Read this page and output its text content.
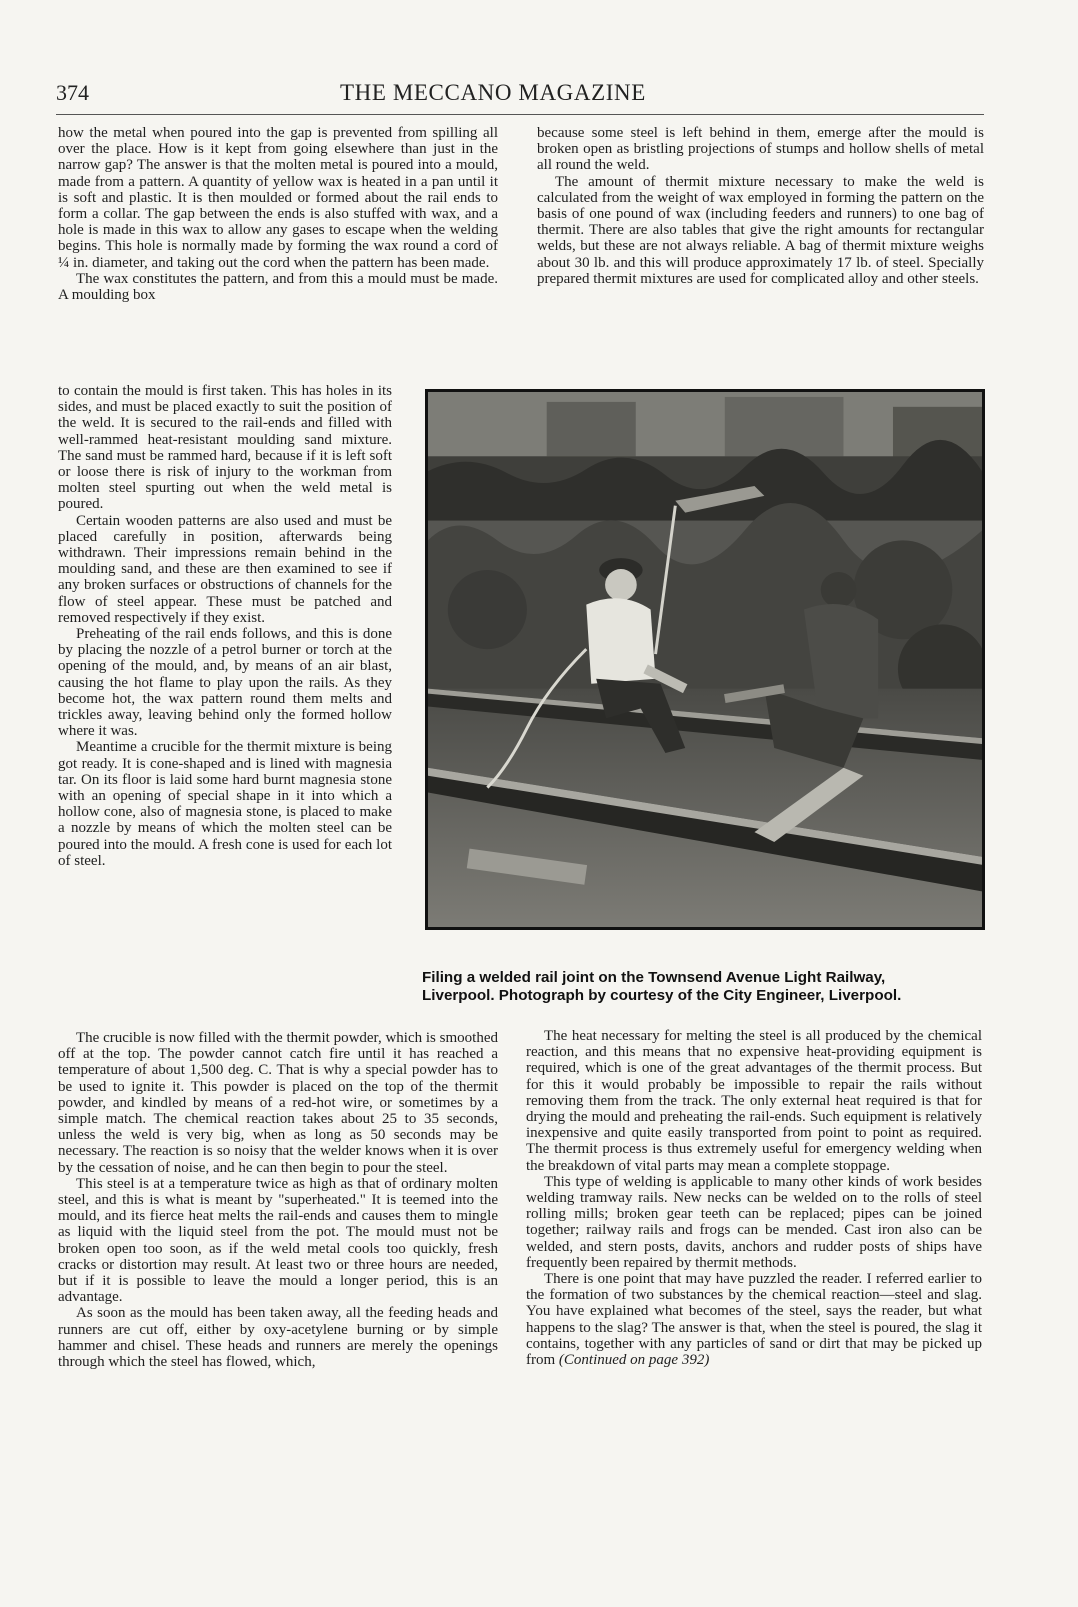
374	THE MECCANO MAGAZINE

how the metal when poured into the gap is prevented from spilling all over the place. How is it kept from going elsewhere than just in the narrow gap? The answer is that the molten metal is poured into a mould, made from a pattern. A quantity of yellow wax is heated in a pan until it is soft and plastic. It is then moulded or formed about the rail ends to form a collar. The gap between the ends is also stuffed with wax, and a hole is made in this wax to allow any gases to escape when the welding begins. This hole is normally made by forming the wax round a cord of ¼ in. diameter, and taking out the cord when the pattern has been made.

The wax constitutes the pattern, and from this a mould must be made. A moulding box

to contain the mould is first taken. This has holes in its sides, and must be placed exactly to suit the position of the weld. It is secured to the rail-ends and filled with well-rammed heat-resistant moulding sand mixture. The sand must be rammed hard, because if it is left soft or loose there is risk of injury to the workman from molten steel spurting out when the weld metal is poured.

Certain wooden patterns are also used and must be placed carefully in position, afterwards being withdrawn. Their impressions remain behind in the moulding sand, and these are then examined to see if any broken surfaces or obstructions of channels for the flow of steel appear. These must be patched and removed respectively if they exist.

Preheating of the rail ends follows, and this is done by placing the nozzle of a petrol burner or torch at the opening of the mould, and, by means of an air blast, causing the hot flame to play upon the rails. As they become hot, the wax pattern round them melts and trickles away, leaving behind only the formed hollow where it was.

Meantime a crucible for the thermit mixture is being got ready. It is cone-shaped and is lined with magnesia tar. On its floor is laid some hard burnt magnesia stone with an opening of special shape in it into which a hollow cone, also of magnesia stone, is placed to make a nozzle by means of which the molten steel can be poured into the mould. A fresh cone is used for each lot of steel.

The crucible is now filled with the thermit powder, which is smoothed off at the top. The powder cannot catch fire until it has reached a temperature of about 1,500 deg. C. That is why a special powder has to be used to ignite it. This powder is placed on the top of the thermit powder, and kindled by means of a red-hot wire, or sometimes by a simple match. The chemical reaction takes about 25 to 35 seconds, unless the weld is very big, when as long as 50 seconds may be necessary. The reaction is so noisy that the welder knows when it is over by the cessation of noise, and he can then begin to pour the steel.

This steel is at a temperature twice as high as that of ordinary molten steel, and this is what is meant by "superheated." It is teemed into the mould, and its fierce heat melts the rail-ends and causes them to mingle as liquid with the liquid steel from the pot. The mould must not be broken open too soon, as if the weld metal cools too quickly, fresh cracks or distortion may result. At least two or three hours are needed, but if it is possible to leave the mould a longer period, this is an advantage.

As soon as the mould has been taken away, all the feeding heads and runners are cut off, either by oxy-acetylene burning or by simple hammer and chisel. These heads and runners are merely the openings through which the steel has flowed, which,

because some steel is left behind in them, emerge after the mould is broken open as bristling projections of stumps and hollow shells of metal all round the weld.

The amount of thermit mixture necessary to make the weld is calculated from the weight of wax employed in forming the pattern on the basis of one pound of wax (including feeders and runners) to one bag of thermit. There are also tables that give the right amounts for rectangular welds, but these are not always reliable. A bag of thermit mixture weighs about 30 lb. and this will produce approximately 17 lb. of steel. Specially prepared thermit mixtures are used for complicated alloy and other steels.

Filing a welded rail joint on the Townsend Avenue Light Railway,
Liverpool. Photograph by courtesy of the City Engineer, Liverpool.

The heat necessary for melting the steel is all produced by the chemical reaction, and this means that no expensive heat-providing equipment is required, which is one of the great advantages of the thermit process. But for this it would probably be impossible to repair the rails without removing them from the track. The only external heat required is that for drying the mould and preheating the rail-ends. Such equipment is relatively inexpensive and quite easily transported from point to point as required. The thermit process is thus extremely useful for emergency welding when the breakdown of vital parts may mean a complete stoppage.

This type of welding is applicable to many other kinds of work besides welding tramway rails. New necks can be welded on to the rolls of steel rolling mills; broken gear teeth can be replaced; pipes can be joined together; railway rails and frogs can be mended. Cast iron also can be welded, and stern posts, davits, anchors and rudder posts of ships have frequently been repaired by thermit methods.

There is one point that may have puzzled the reader. I referred earlier to the formation of two substances by the chemical reaction—steel and slag. You have explained what becomes of the steel, says the reader, but what happens to the slag? The answer is that, when the steel is poured, the slag it contains, together with any particles of sand or dirt that may be picked up from (Continued on page 392)
